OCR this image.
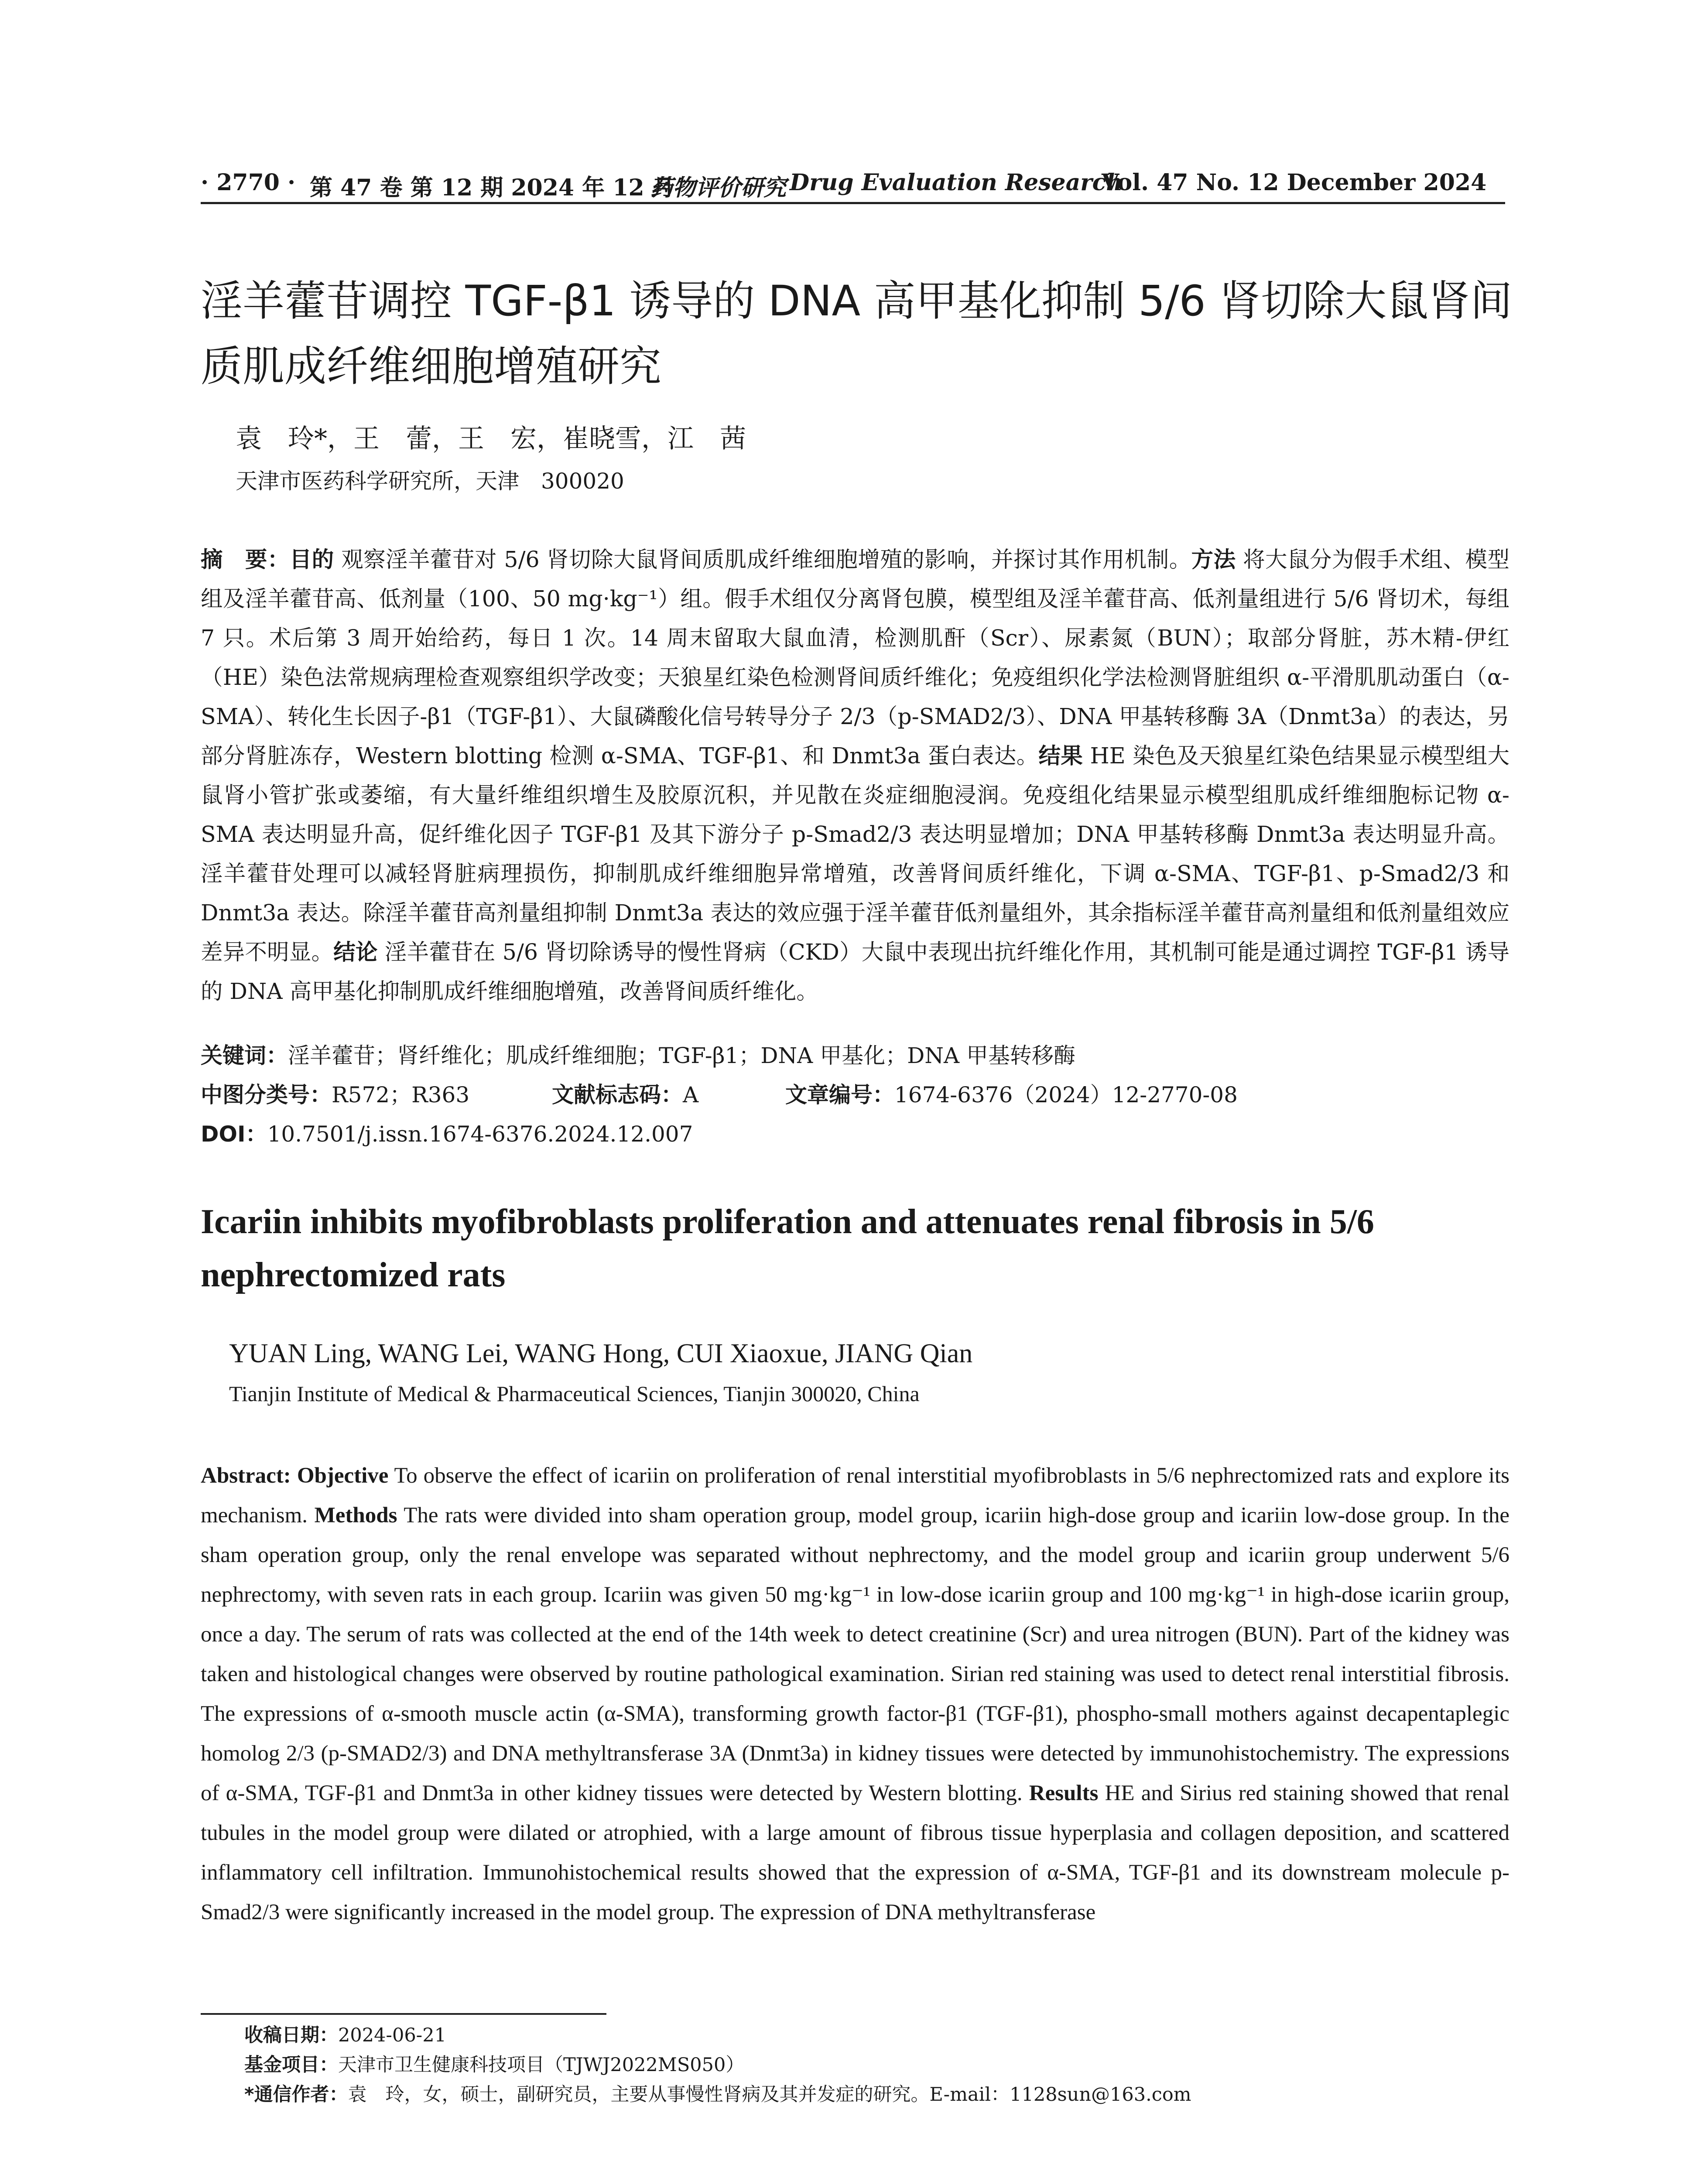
· 2770 · 第 47 卷 第 12 期 2024 年 12 月
药物评价研究 Drug Evaluation Research
Vol. 47 No. 12 December 2024
淫羊藿苷调控 TGF-β1 诱导的 DNA 高甲基化抑制 5/6 肾切除大鼠肾间质肌成纤维细胞增殖研究
袁　玲*，王　蕾，王　宏，崔晓雪，江　茜
天津市医药科学研究所，天津　300020
摘　要：目的 观察淫羊藿苷对 5/6 肾切除大鼠肾间质肌成纤维细胞增殖的影响，并探讨其作用机制。方法 将大鼠分为假手术组、模型组及淫羊藿苷高、低剂量（100、50 mg·kg⁻¹）组。假手术组仅分离肾包膜，模型组及淫羊藿苷高、低剂量组进行 5/6 肾切术，每组 7 只。术后第 3 周开始给药，每日 1 次。14 周末留取大鼠血清，检测肌酐（Scr）、尿素氮（BUN）；取部分肾脏，苏木精-伊红（HE）染色法常规病理检查观察组织学改变；天狼星红染色检测肾间质纤维化；免疫组织化学法检测肾脏组织 α-平滑肌肌动蛋白（α-SMA）、转化生长因子-β1（TGF-β1）、大鼠磷酸化信号转导分子 2/3（p-SMAD2/3）、DNA 甲基转移酶 3A（Dnmt3a）的表达，另部分肾脏冻存，Western blotting 检测 α-SMA、TGF-β1、和 Dnmt3a 蛋白表达。结果 HE 染色及天狼星红染色结果显示模型组大鼠肾小管扩张或萎缩，有大量纤维组织增生及胶原沉积，并见散在炎症细胞浸润。免疫组化结果显示模型组肌成纤维细胞标记物 α-SMA 表达明显升高，促纤维化因子 TGF-β1 及其下游分子 p-Smad2/3 表达明显增加；DNA 甲基转移酶 Dnmt3a 表达明显升高。淫羊藿苷处理可以减轻肾脏病理损伤，抑制肌成纤维细胞异常增殖，改善肾间质纤维化，下调 α-SMA、TGF-β1、p-Smad2/3 和 Dnmt3a 表达。除淫羊藿苷高剂量组抑制 Dnmt3a 表达的效应强于淫羊藿苷低剂量组外，其余指标淫羊藿苷高剂量组和低剂量组效应差异不明显。结论 淫羊藿苷在 5/6 肾切除诱导的慢性肾病（CKD）大鼠中表现出抗纤维化作用，其机制可能是通过调控 TGF-β1 诱导的 DNA 高甲基化抑制肌成纤维细胞增殖，改善肾间质纤维化。
关键词：淫羊藿苷；肾纤维化；肌成纤维细胞；TGF-β1；DNA 甲基化；DNA 甲基转移酶
中图分类号：R572；R363	文献标志码：A	文章编号：1674-6376（2024）12-2770-08
DOI：10.7501/j.issn.1674-6376.2024.12.007
Icariin inhibits myofibroblasts proliferation and attenuates renal fibrosis in 5/6 nephrectomized rats
YUAN Ling, WANG Lei, WANG Hong, CUI Xiaoxue, JIANG Qian
Tianjin Institute of Medical & Pharmaceutical Sciences, Tianjin 300020, China
Abstract: Objective To observe the effect of icariin on proliferation of renal interstitial myofibroblasts in 5/6 nephrectomized rats and explore its mechanism. Methods The rats were divided into sham operation group, model group, icariin high-dose group and icariin low-dose group. In the sham operation group, only the renal envelope was separated without nephrectomy, and the model group and icariin group underwent 5/6 nephrectomy, with seven rats in each group. Icariin was given 50 mg·kg⁻¹ in low-dose icariin group and 100 mg·kg⁻¹ in high-dose icariin group, once a day. The serum of rats was collected at the end of the 14th week to detect creatinine (Scr) and urea nitrogen (BUN). Part of the kidney was taken and histological changes were observed by routine pathological examination. Sirian red staining was used to detect renal interstitial fibrosis. The expressions of α-smooth muscle actin (α-SMA), transforming growth factor-β1 (TGF-β1), phospho-small mothers against decapentaplegic homolog 2/3 (p-SMAD2/3) and DNA methyltransferase 3A (Dnmt3a) in kidney tissues were detected by immunohistochemistry. The expressions of α-SMA, TGF-β1 and Dnmt3a in other kidney tissues were detected by Western blotting. Results HE and Sirius red staining showed that renal tubules in the model group were dilated or atrophied, with a large amount of fibrous tissue hyperplasia and collagen deposition, and scattered inflammatory cell infiltration. Immunohistochemical results showed that the expression of α-SMA, TGF-β1 and its downstream molecule p-Smad2/3 were significantly increased in the model group. The expression of DNA methyltransferase
收稿日期：2024-06-21
基金项目：天津市卫生健康科技项目（TJWJ2022MS050）
*通信作者：袁　玲，女，硕士，副研究员，主要从事慢性肾病及其并发症的研究。E-mail：1128sun@163.com
